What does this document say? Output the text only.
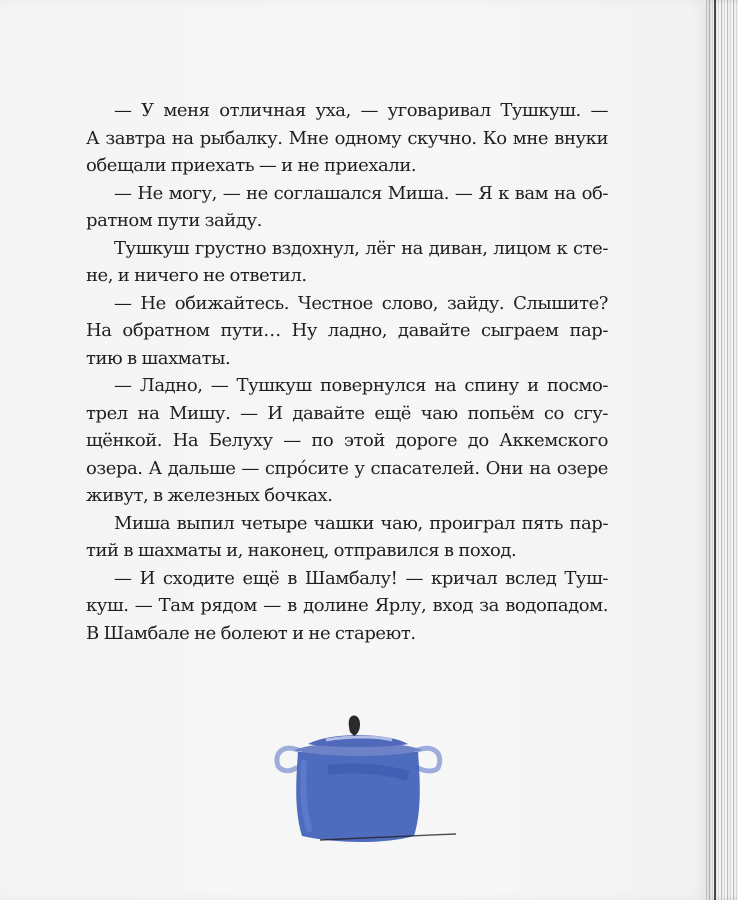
— У меня отличная уха, — уговаривал Тушкуш. —
А завтра на рыбалку. Мне одному скучно. Ко мне внуки
обещали приехать — и не приехали.
— Не могу, — не соглашался Миша. — Я к вам на об-
ратном пути зайду.
Тушкуш грустно вздохнул, лёг на диван, лицом к сте-
не, и ничего не ответил.
— Не обижайтесь. Честное слово, зайду. Слышите?
На обратном пути… Ну ладно, давайте сыграем пар-
тию в шахматы.
— Ладно, — Тушкуш повернулся на спину и посмо-
трел на Мишу. — И давайте ещё чаю попьём со сгу-
щёнкой. На Белуху — по этой дороге до Аккемского
озера. А дальше — спро́сите у спасателей. Они на озере
живут, в железных бочках.
Миша выпил четыре чашки чаю, проиграл пять пар-
тий в шахматы и, наконец, отправился в поход.
— И сходите ещё в Шамбалу! — кричал вслед Туш-
куш. — Там рядом — в долине Ярлу, вход за водопадом.
В Шамбале не болеют и не стареют.
